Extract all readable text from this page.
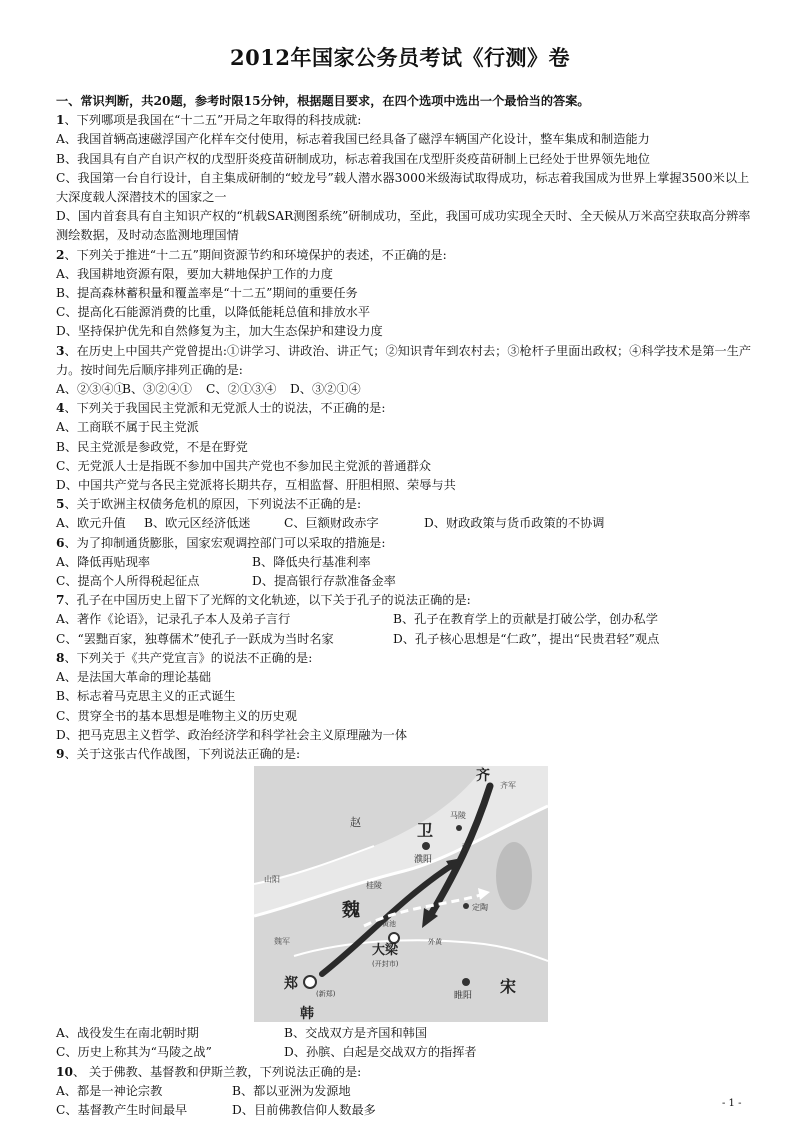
2012年国家公务员考试《行测》卷
一、常识判断，共20题，参考时限15分钟，根据题目要求，在四个选项中选出一个最恰当的答案。
1、下列哪项是我国在“十二五”开局之年取得的科技成就:
A、我国首辆高速磁浮国产化样车交付使用，标志着我国已经具备了磁浮车辆国产化设计，整车集成和制造能力
B、我国具有自产自识产权的戊型肝炎疫苗研制成功，标志着我国在戊型肝炎疫苗研制上已经处于世界领先地位
C、我国第一台自行设计，自主集成研制的“蛟龙号”载人潜水器3000米级海试取得成功，标志着我国成为世界上掌握3500米以上大深度载人深潜技术的国家之一
D、国内首套具有自主知识产权的“机载SAR测图系统”研制成功，至此，我国可成功实现全天时、全天候从万米高空获取高分辨率测绘数据，及时动态监测地理国情
2、下列关于推进“十二五”期间资源节约和环境保护的表述，不正确的是:
A、我国耕地资源有限，要加大耕地保护工作的力度
B、提高森林蓄积量和覆盖率是“十二五”期间的重要任务
C、提高化石能源消费的比重，以降低能耗总值和排放水平
D、坚持保护优先和自然修复为主，加大生态保护和建设力度
3、在历史上中国共产党曾提出:①讲学习、讲政治、讲正气；②知识青年到农村去；③枪杆子里面出政权；④科学技术是第一生产力。按时间先后顺序排列正确的是:
A、②③④①
B、③②④①	C、②①③④	D、③②①④
4、下列关于我国民主党派和无党派人士的说法，不正确的是:
A、工商联不属于民主党派
B、民主党派是参政党，不是在野党
C、无党派人士是指既不参加中国共产党也不参加民主党派的普通群众
D、中国共产党与各民主党派将长期共存，互相监督、肝胆相照、荣辱与共
5、关于欧洲主权债务危机的原因，下列说法不正确的是:
A、欧元升值	B、欧元区经济低迷	C、巨额财政赤字	D、财政政策与货币政策的不协调
6、为了抑制通货膨胀，国家宏观调控部门可以采取的措施是:
A、降低再贴现率	B、降低央行基准利率
C、提高个人所得税起征点	D、提高银行存款准备金率
7、孔子在中国历史上留下了光辉的文化轨迹，以下关于孔子的说法正确的是:
A、著作《论语》，记录孔子本人及弟子言行	B、孔子在教育学上的贡献是打破公学，创办私学
C、“罢黜百家，独尊儒术”使孔子一跃成为当时名家	D、孔子核心思想是“仁政”，提出“民贵君轻”观点
8、下列关于《共产党宣言》的说法不正确的是:
A、是法国大革命的理论基础
B、标志着马克思主义的正式诞生
C、贯穿全书的基本思想是唯物主义的历史观
D、把马克思主义哲学、政治经济学和科学社会主义原理融为一体
9、关于这张古代作战图，下列说法正确的是:
齐
齐军
马陵
赵	卫
濮阳
鄄
山阳
桂陵
定陶
魏
黄池
大梁
(开封市)
外黄
魏军
郑
(新郑)	睢阳 宋
韩
A、战役发生在南北朝时期	B、交战双方是齐国和韩国
C、历史上称其为“马陵之战”	D、孙膑、白起是交战双方的指挥者
10、 关于佛教、基督教和伊斯兰教，下列说法正确的是:
A、都是一神论宗教	B、都以亚洲为发源地
C、基督教产生时间最早	D、目前佛教信仰人数最多	- 1 -
